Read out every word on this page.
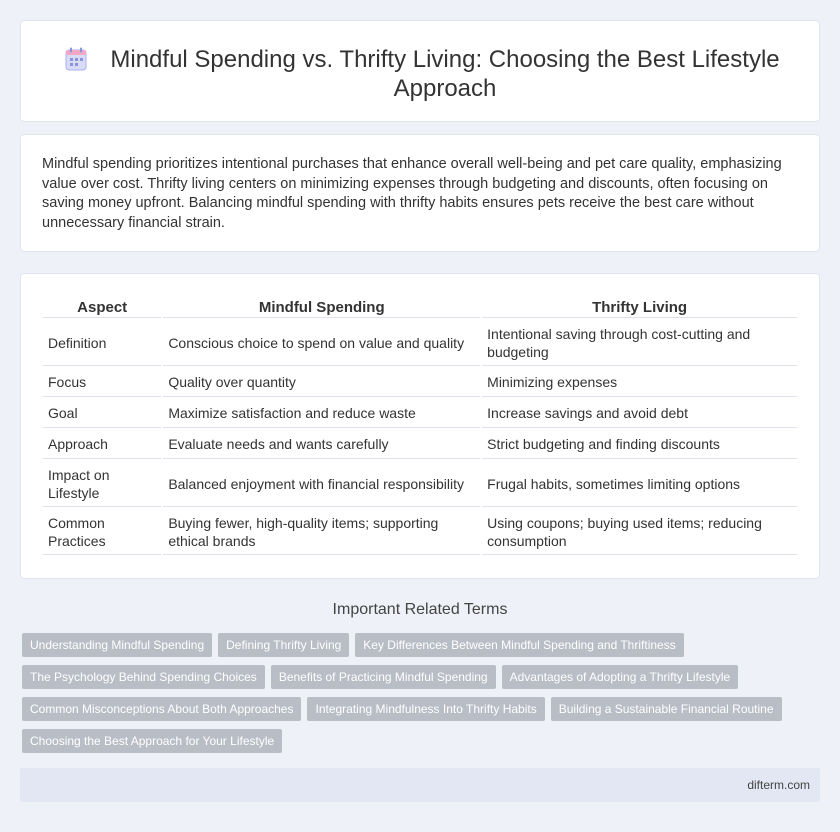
Mindful Spending vs. Thrifty Living: Choosing the Best Lifestyle Approach

Mindful spending prioritizes intentional purchases that enhance overall well-being and pet care quality, emphasizing value over cost. Thrifty living centers on minimizing expenses through budgeting and discounts, often focusing on saving money upfront. Balancing mindful spending with thrifty habits ensures pets receive the best care without unnecessary financial strain.

Aspect	Mindful Spending	Thrifty Living
Definition	Conscious choice to spend on value and quality	Intentional saving through cost-cutting and budgeting
Focus	Quality over quantity	Minimizing expenses
Goal	Maximize satisfaction and reduce waste	Increase savings and avoid debt
Approach	Evaluate needs and wants carefully	Strict budgeting and finding discounts
Impact on Lifestyle	Balanced enjoyment with financial responsibility	Frugal habits, sometimes limiting options
Common Practices	Buying fewer, high-quality items; supporting ethical brands	Using coupons; buying used items; reducing consumption
Important Related Terms
Understanding Mindful Spending	Defining Thrifty Living	Key Differences Between Mindful Spending and Thriftiness
The Psychology Behind Spending Choices	Benefits of Practicing Mindful Spending	Advantages of Adopting a Thrifty Lifestyle
Common Misconceptions About Both Approaches	Integrating Mindfulness Into Thrifty Habits	Building a Sustainable Financial Routine
Choosing the Best Approach for Your Lifestyle
difterm.com
